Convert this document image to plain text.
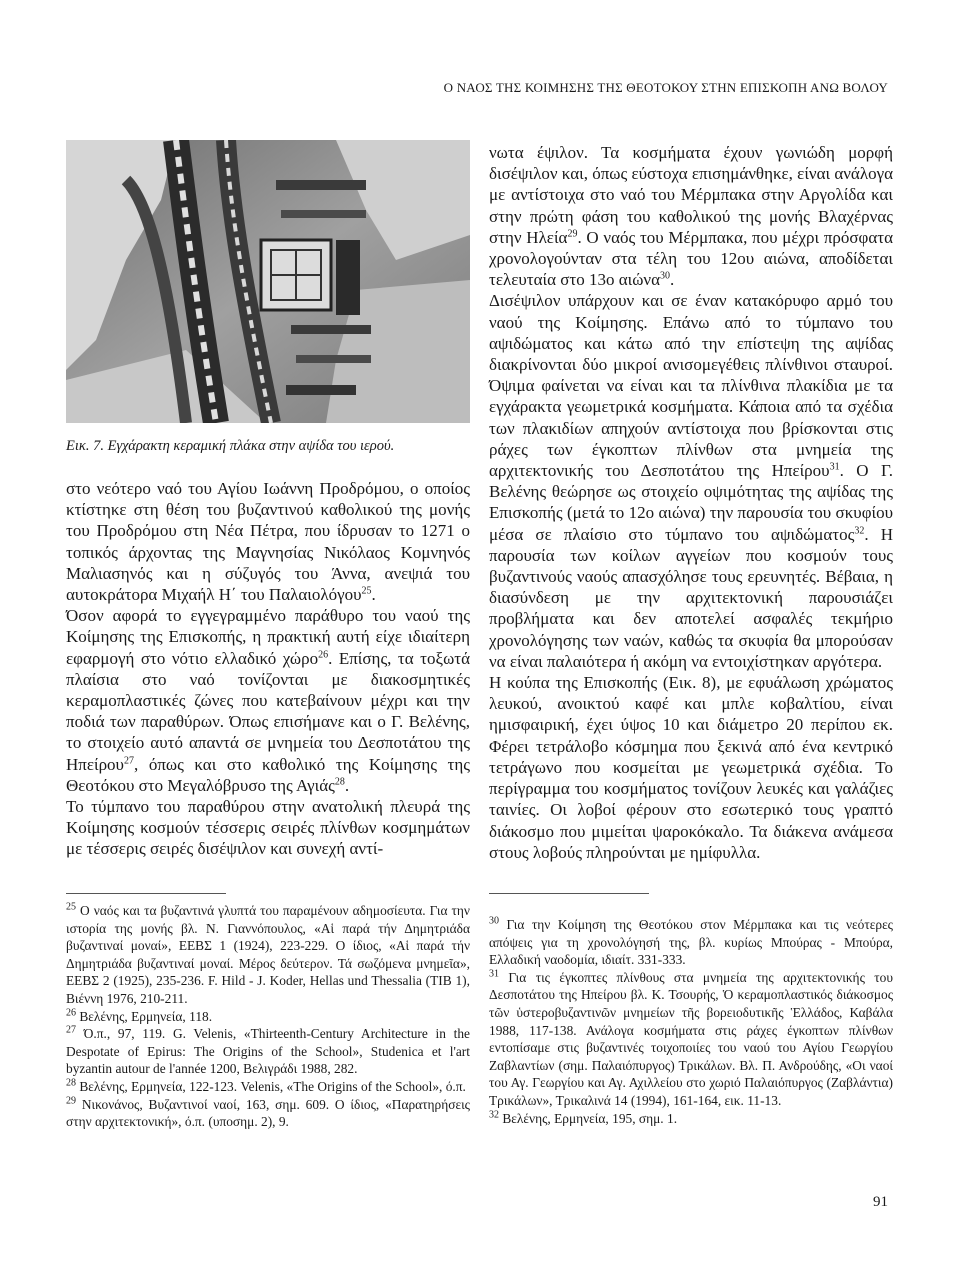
Ο ΝΑΟΣ ΤΗΣ ΚΟΙΜΗΣΗΣ ΤΗΣ ΘΕΟΤΟΚΟΥ ΣΤΗΝ ΕΠΙΣΚΟΠΗ ΑΝΩ ΒΟΛΟΥ
Εικ. 7. Εγχάρακτη κεραμική πλάκα στην αψίδα του ιερού.

στο νεότερο ναό του Αγίου Ιωάννη Προδρόμου, ο οποίος κτίστηκε στη θέση του βυζαντινού καθολικού της μονής του Προδρόμου στη Νέα Πέτρα, που ίδρυσαν το 1271 ο τοπικός άρχοντας της Μαγνησίας Νικόλαος Κομνηνός Μαλιασηνός και η σύζυγός του Άννα, ανεψιά του αυτοκράτορα Μιχαήλ Η΄ του Παλαιολόγου$^{25}$.

Όσον αφορά το εγγεγραμμένο παράθυρο του ναού της Κοίμησης της Επισκοπής, η πρακτική αυτή είχε ιδιαίτερη εφαρμογή στο νότιο ελλαδικό χώρο$^{26}$. Επίσης, τα τοξωτά πλαίσια στο ναό τονίζονται με διακοσμητικές κεραμοπλαστικές ζώνες που κατεβαίνουν μέχρι και την ποδιά των παραθύρων. Όπως επισήμανε και ο Γ. Βελένης, το στοιχείο αυτό απαντά σε μνημεία του Δεσποτάτου της Ηπείρου$^{27}$, όπως και στο καθολικό της Κοίμησης της Θεοτόκου στο Μεγαλόβρυσο της Αγιάς$^{28}$.

Το τύμπανο του παραθύρου στην ανατολική πλευρά της Κοίμησης κοσμούν τέσσερις σειρές πλίνθων κοσμημάτων με τέσσερις σειρές δισέψιλον και συνεχή αντί-

νωτα έψιλον. Τα κοσμήματα έχουν γωνιώδη μορφή δισέψιλον και, όπως εύστοχα επισημάνθηκε, είναι ανάλογα με αντίστοιχα στο ναό του Μέρμπακα στην Αργολίδα και στην πρώτη φάση του καθολικού της μονής Βλαχέρνας στην Ηλεία$^{29}$. Ο ναός του Μέρμπακα, που μέχρι πρόσφατα χρονολογούνταν στα τέλη του 12ου αιώνα, αποδίδεται τελευταία στο 13ο αιώνα$^{30}$.

Δισέψιλον υπάρχουν και σε έναν κατακόρυφο αρμό του ναού της Κοίμησης. Επάνω από το τύμπανο του αψιδώματος και κάτω από την επίστεψη της αψίδας διακρίνονται δύο μικροί ανισομεγέθεις πλίνθινοι σταυροί. Όψιμα φαίνεται να είναι και τα πλίνθινα πλακίδια με τα εγχάρακτα γεωμετρικά κοσμήματα. Κάποια από τα σχέδια των πλακιδίων απηχούν αντίστοιχα που βρίσκονται στις ράχες των έγκοπτων πλίνθων στα μνημεία της αρχιτεκτονικής του Δεσποτάτου της Ηπείρου$^{31}$. Ο Γ. Βελένης θεώρησε ως στοιχείο οψιμότητας της αψίδας της Επισκοπής (μετά το 12ο αιώνα) την παρουσία του σκυφίου μέσα σε πλαίσιο στο τύμπανο του αψιδώματος$^{32}$. Η παρουσία των κοίλων αγγείων που κοσμούν τους βυζαντινούς ναούς απασχόλησε τους ερευνητές. Βέβαια, η διασύνδεση με την αρχιτεκτονική παρουσιάζει προβλήματα και δεν αποτελεί ασφαλές τεκμήριο χρονολόγησης των ναών, καθώς τα σκυφία θα μπορούσαν να είναι παλαιότερα ή ακόμη να εντοιχίστηκαν αργότερα.

Η κούπα της Επισκοπής (Εικ. 8), με εφυάλωση χρώματος λευκού, ανοικτού καφέ και μπλε κοβαλτίου, είναι ημισφαιρική, έχει ύψος 10 και διάμετρο 20 περίπου εκ. Φέρει τετράλοβο κόσμημα που ξεκινά από ένα κεντρικό τετράγωνο που κοσμείται με γεωμετρικά σχέδια. Το περίγραμμα του κοσμήματος τονίζουν λευκές και γαλάζιες ταινίες. Οι λοβοί φέρουν στο εσωτερικό τους γραπτό διάκοσμο που μιμείται ψαροκόκαλο. Τα διάκενα ανάμεσα στους λοβούς πληρούνται με ημίφυλλα.

$^{25}$ Ο ναός και τα βυζαντινά γλυπτά του παραμένουν αδημοσίευτα. Για την ιστορία της μονής βλ. Ν. Γιαννόπουλος, «Αἱ παρά τήν Δημητριάδα βυζαντιναί μοναί», ΕΕΒΣ 1 (1924), 223-229. Ο ίδιος, «Αἱ παρά τήν Δημητριάδα βυζαντιναί μοναί. Μέρος δεύτερον. Τά σωζόμενα μνημεῖα», ΕΕΒΣ 2 (1925), 235-236. F. Hild - J. Koder, Hellas und Thessalia (TIB 1), Βιέννη 1976, 210-211.

$^{26}$ Βελένης, Ερμηνεία, 118.

$^{27}$ Ό.π., 97, 119. G. Velenis, «Thirteenth-Century Architecture in the Despotate of Epirus: The Origins of the School», Studenica et l'art byzantin autour de l'année 1200, Βελιγράδι 1988, 282.

$^{28}$ Βελένης, Ερμηνεία, 122-123. Velenis, «The Origins of the School», ό.π.

$^{29}$ Νικονάνος, Βυζαντινοί ναοί, 163, σημ. 609. Ο ίδιος, «Παρατηρήσεις στην αρχιτεκτονική», ό.π. (υποσημ. 2), 9.

$^{30}$ Για την Κοίμηση της Θεοτόκου στον Μέρμπακα και τις νεότερες απόψεις για τη χρονολόγησή της, βλ. κυρίως Μπούρας - Μπούρα, Ελλαδική ναοδομία, ιδιαίτ. 331-333.

$^{31}$ Για τις έγκοπτες πλίνθους στα μνημεία της αρχιτεκτονικής του Δεσποτάτου της Ηπείρου βλ. Κ. Τσουρής, Ὁ κεραμοπλαστικός διάκοσμος τῶν ὑστεροβυζαντινῶν μνημείων τῆς βορειοδυτικῆς Ἑλλάδος, Καβάλα 1988, 117-138. Ανάλογα κοσμήματα στις ράχες έγκοπτων πλίνθων εντοπίσαμε στις βυζαντινές τοιχοποιίες του ναού του Αγίου Γεωργίου Ζαβλαντίων (σημ. Παλαιόπυργος) Τρικάλων. Βλ. Π. Ανδρούδης, «Οι ναοί του Αγ. Γεωργίου και Αγ. Αχιλλείου στο χωριό Παλαιόπυργος (Ζαβλάντια) Τρικάλων», Τρικαλινά 14 (1994), 161-164, εικ. 11-13.

$^{32}$ Βελένης, Ερμηνεία, 195, σημ. 1.

91
